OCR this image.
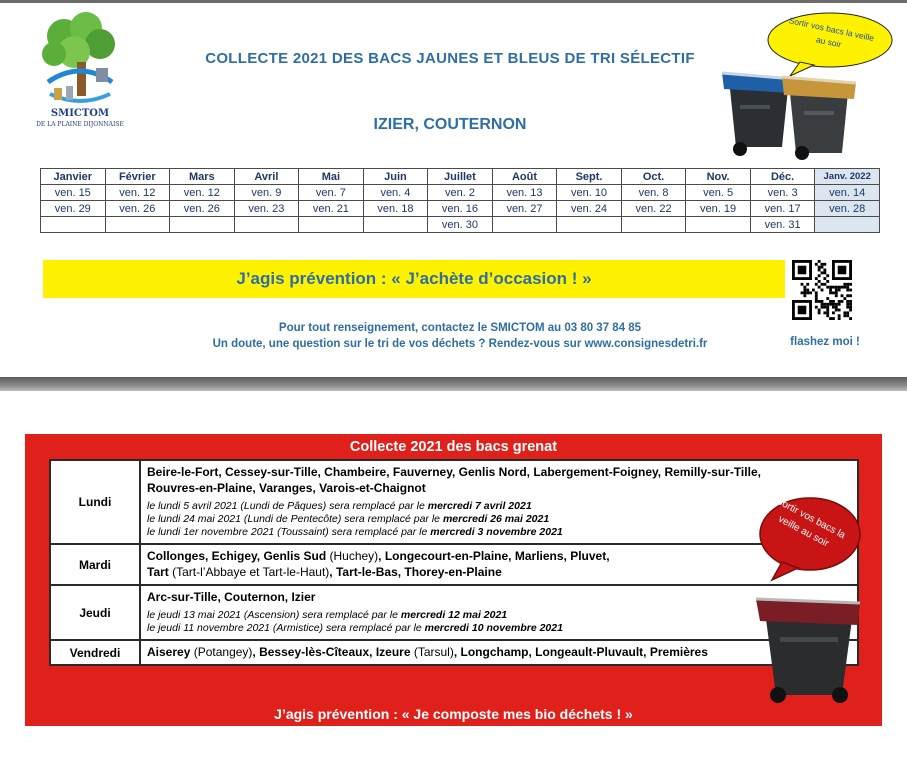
SMICTOM
DE LA PLAINE DIJONNAISE
COLLECTE 2021 DES BACS JAUNES ET BLEUS DE TRI SÉLECTIF
IZIER, COUTERNON
Sortir vos bacs la veille au soir
Janvier	Février	Mars	Avril	Mai	Juin	Juillet	Août	Sept.	Oct.	Nov.	Déc.	Janv. 2022
ven. 15	ven. 12	ven. 12	ven. 9	ven. 7	ven. 4	ven. 2	ven. 13	ven. 10	ven. 8	ven. 5	ven. 3	ven. 14
ven. 29	ven. 26	ven. 26	ven. 23	ven. 21	ven. 18	ven. 16	ven. 27	ven. 24	ven. 22	ven. 19	ven. 17	ven. 28
						ven. 30					ven. 31	
J’agis prévention : « J’achète d’occasion ! »
flashez moi !
Pour tout renseignement, contactez le SMICTOM au 03 80 37 84 85
Un doute, une question sur le tri de vos déchets ? Rendez-vous sur www.consignesdetri.fr
Collecte 2021 des bacs grenat
Lundi	Beire-le-Fort, Cessey-sur-Tille, Chambeire, Fauverney, Genlis Nord, Labergement-Foigney, Remilly-sur-Tille,
Rouvres-en-Plaine, Varanges, Varois-et-Chaignot
le lundi 5 avril 2021 (Lundi de Pâques) sera remplacé par le mercredi 7 avril 2021
le lundi 24 mai 2021 (Lundi de Pentecôte) sera remplacé par le mercredi 26 mai 2021
le lundi 1er novembre 2021 (Toussaint) sera remplacé par le mercredi 3 novembre 2021

Mardi	Collonges, Echigey, Genlis Sud (Huchey), Longecourt-en-Plaine, Marliens, Pluvet,
Tart (Tart-l’Abbaye et Tart-le-Haut), Tart-le-Bas, Thorey-en-Plaine

Jeudi	Arc-sur-Tille, Couternon, Izier
le jeudi 13 mai 2021 (Ascension) sera remplacé par le mercredi 12 mai 2021
le jeudi 11 novembre 2021 (Armistice) sera remplacé par le mercredi 10 novembre 2021

Vendredi	Aiserey (Potangey), Bessey-lès-Cîteaux, Izeure (Tarsul), Longchamp, Longeault-Pluvault, Premières
J’agis prévention : « Je composte mes bio déchets ! »
Sortir vos bacs la veille au soir
